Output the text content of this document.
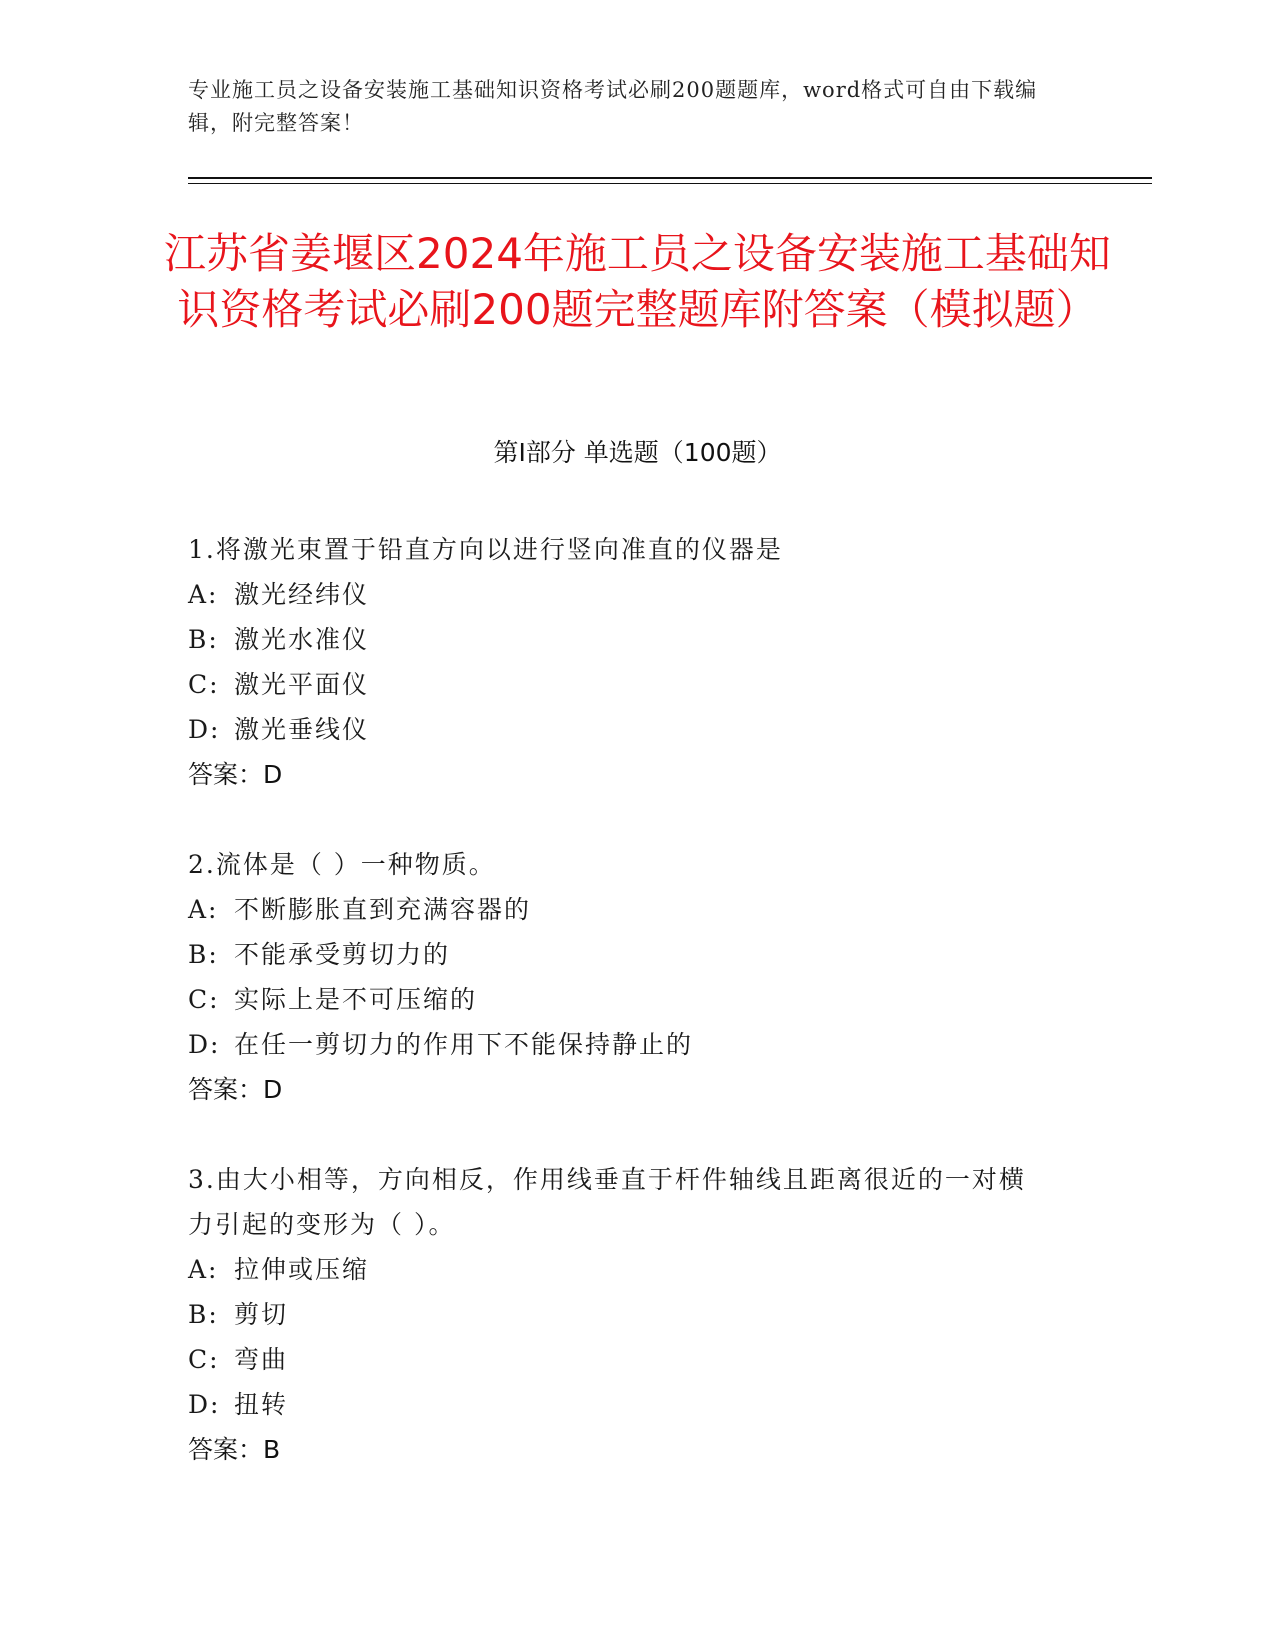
专业施工员之设备安装施工基础知识资格考试必刷200题题库，word格式可自由下载编辑，附完整答案！
江苏省姜堰区2024年施工员之设备安装施工基础知识资格考试必刷200题完整题库附答案（模拟题）
第Ⅰ部分 单选题（100题）
1.将激光束置于铅直方向以进行竖向准直的仪器是
A: 激光经纬仪
B: 激光水准仪
C: 激光平面仪
D: 激光垂线仪
答案：D
2.流体是（ ）一种物质。
A: 不断膨胀直到充满容器的
B: 不能承受剪切力的
C: 实际上是不可压缩的
D: 在任一剪切力的作用下不能保持静止的
答案：D
3.由大小相等，方向相反，作用线垂直于杆件轴线且距离很近的一对横力引起的变形为（ ）。
A: 拉伸或压缩
B: 剪切
C: 弯曲
D: 扭转
答案：B
